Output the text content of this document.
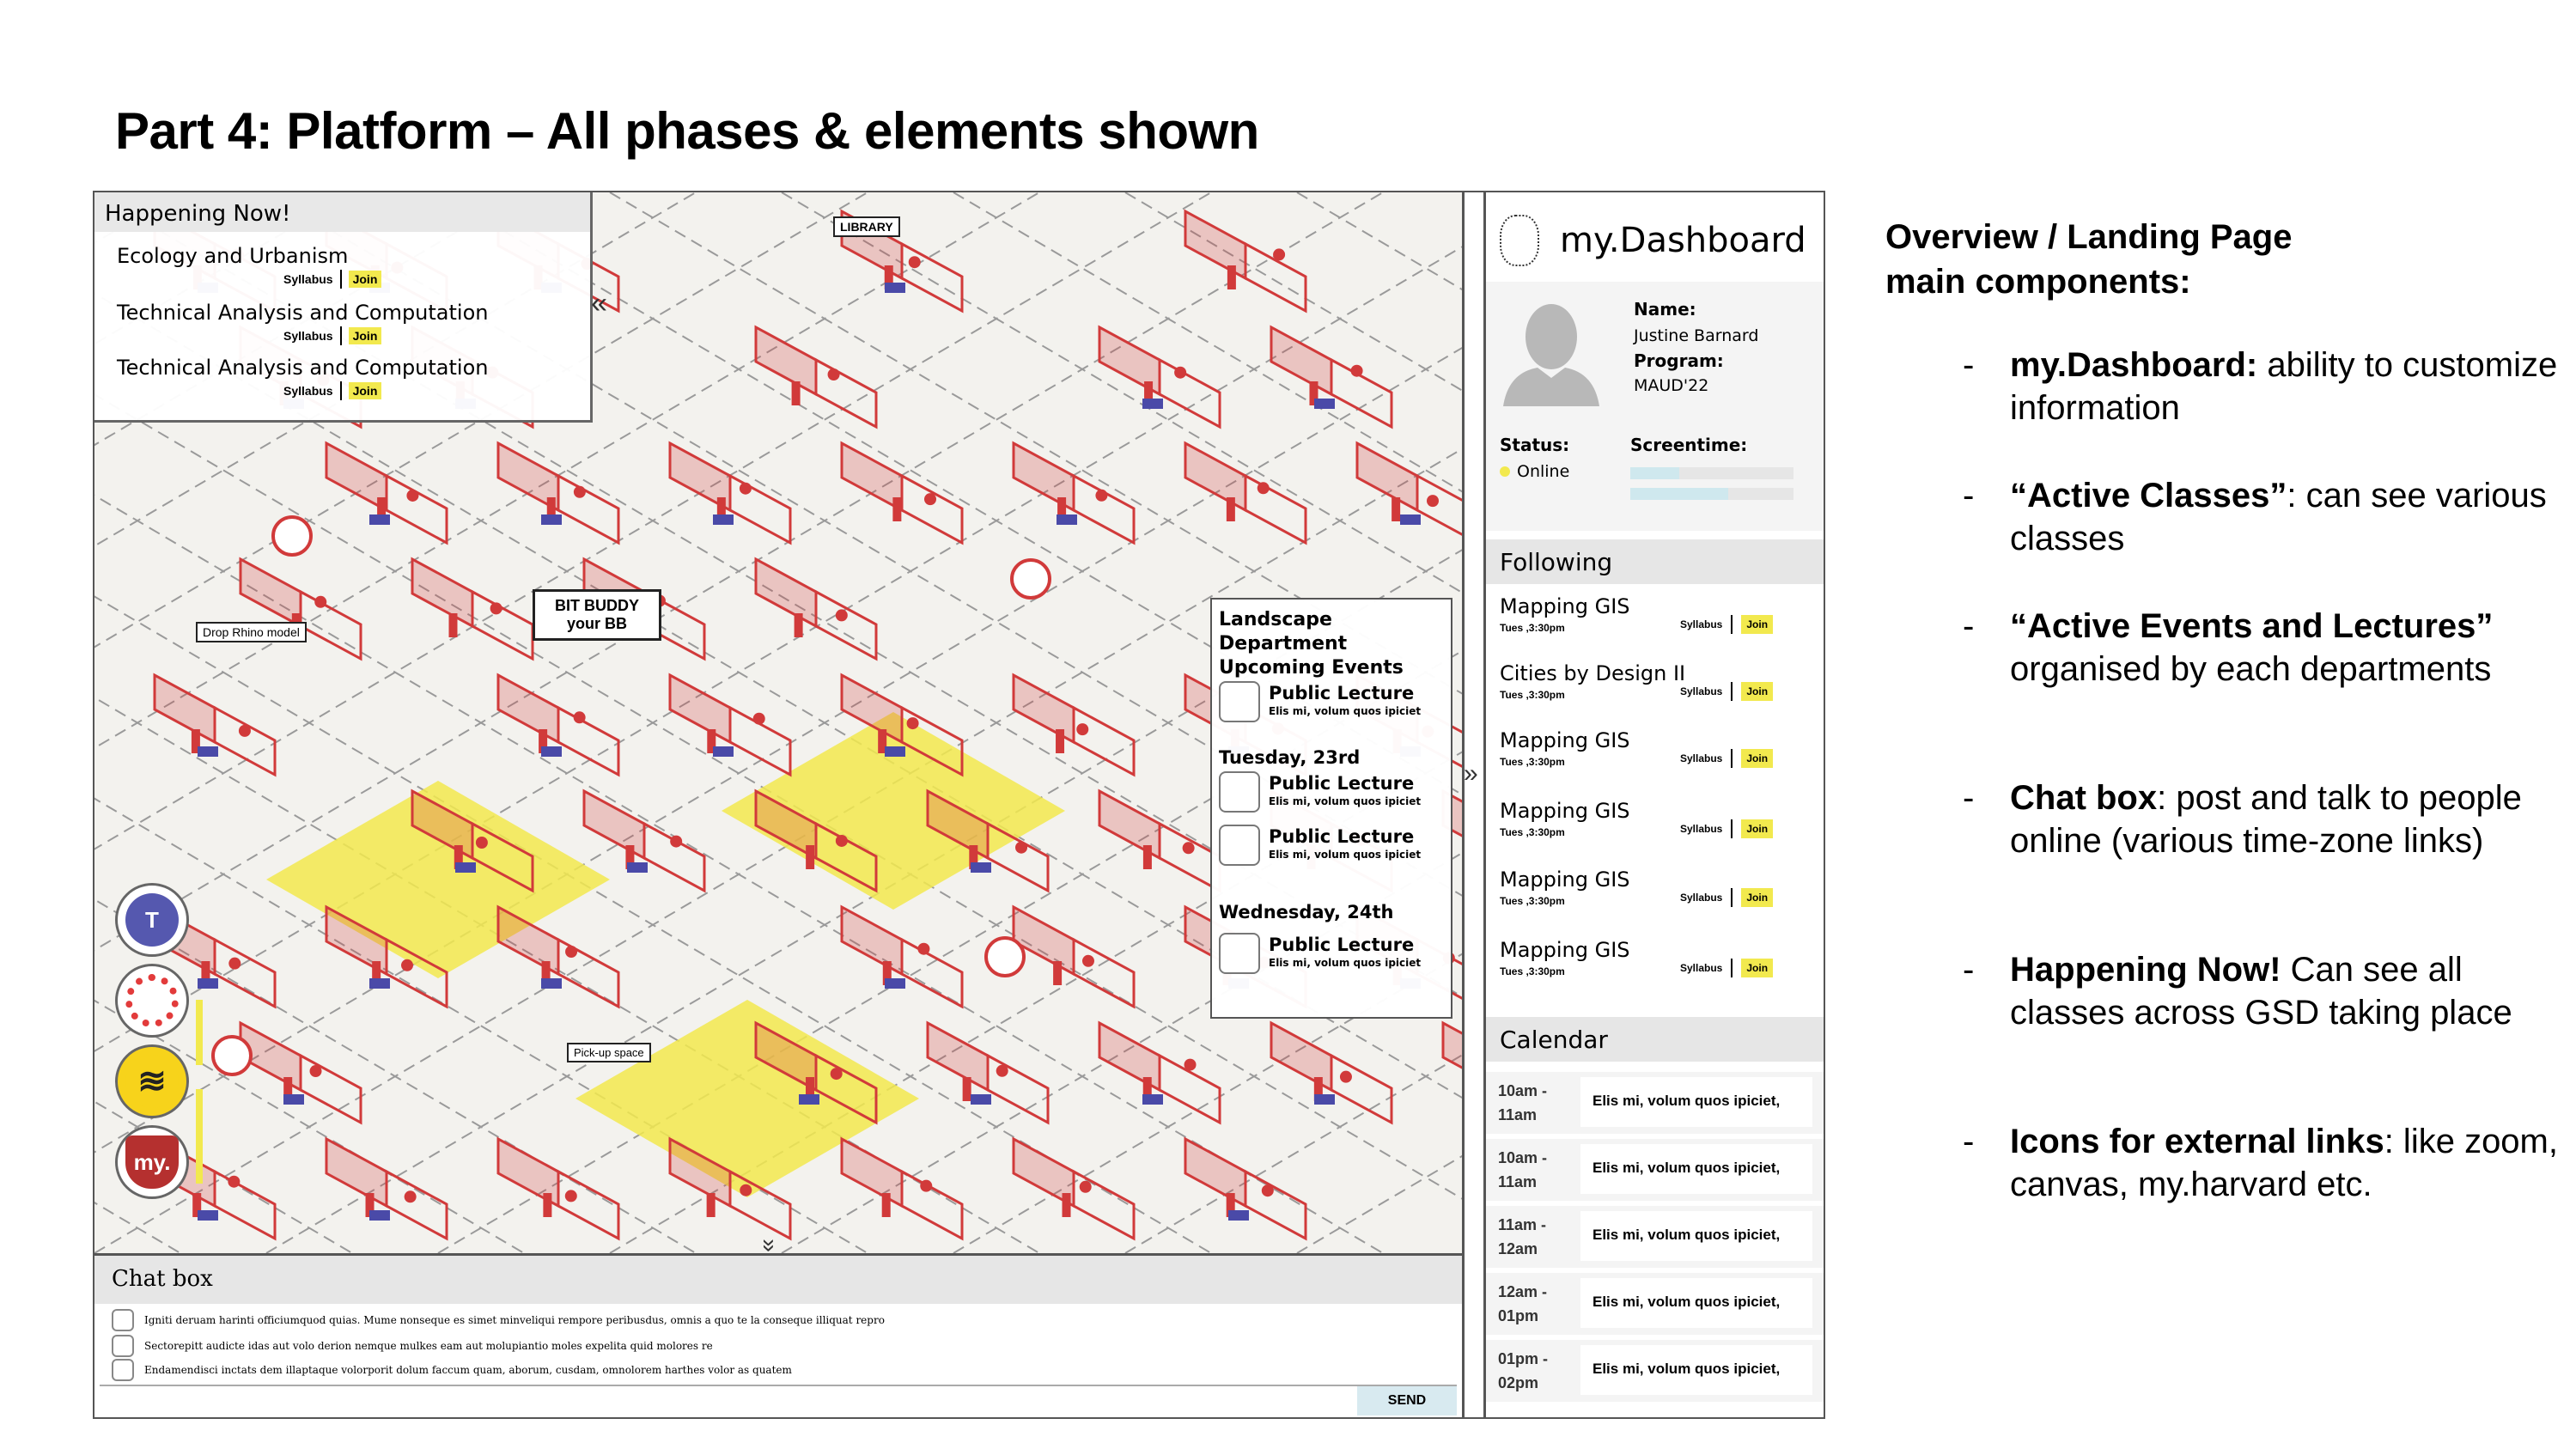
Part 4: Platform – All phases & elements shown
BIT BUDDY your BB
LIBRARY
Drop Rhino model
Pick-up space
Happening Now!
Ecology and Urbanism
Syllabus	Join
Technical Analysis and Computation
Syllabus	Join
Technical Analysis and Computation
Syllabus	Join
«
Landscape Department
Upcoming Events
Public Lecture
Elis mi, volum quos ipiciet
Tuesday, 23rd
Public Lecture
Elis mi, volum quos ipiciet
Public Lecture
Elis mi, volum quos ipiciet
Wednesday, 24th
Public Lecture
Elis mi, volum quos ipiciet
T
≋
my.
»
Chat box
Igniti deruam harinti officiumquod quias. Mume nonseque es simet minveliqui rempore peribusdus, omnis a quo te la conseque illiquat repro
Sectorepitt audicte idas aut volo derion nemque mulkes eam aut molupiantio moles expelita quid molores re
Endamendisci inctats dem illaptaque volorporit dolum faccum quam, aborum, cusdam, omnolorem harthes volor as quatem
SEND
»
my.Dashboard
Name:
Justine Barnard
Program:
MAUD'22
Status:
Online
Screentime:
Following
Mapping GIS
Tues ,3:30pm	Syllabus	Join
Cities by Design II
Tues ,3:30pm	Syllabus	Join
Mapping GIS
Tues ,3:30pm	Syllabus	Join
Mapping GIS
Tues ,3:30pm	Syllabus	Join
Mapping GIS
Tues ,3:30pm	Syllabus	Join
Mapping GIS
Tues ,3:30pm	Syllabus	Join
Calendar
10am -
11am
Elis mi, volum quos ipiciet,
10am -
11am
Elis mi, volum quos ipiciet,
11am -
12am
Elis mi, volum quos ipiciet,
12am -
01pm
Elis mi, volum quos ipiciet,
01pm -
02pm
Elis mi, volum quos ipiciet,
Overview / Landing Page
main components:
- my.Dashboard: ability to customize information
- “Active Classes”: can see various classes
- “Active Events and Lectures” organised by each departments
- Chat box: post and talk to people online (various time-zone links)
- Happening Now! Can see all classes across GSD taking place
- Icons for external links: like zoom, canvas, my.harvard etc.
